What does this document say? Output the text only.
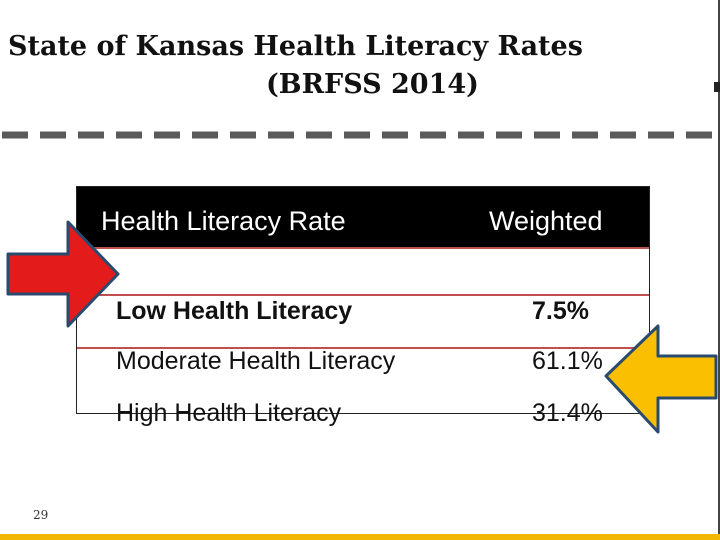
State of Kansas Health Literacy Rates
(BRFSS 2014)
Health Literacy Rate	Weighted
Low Health Literacy	7.5%
Moderate Health Literacy	61.1%
High Health Literacy	31.4%
29
